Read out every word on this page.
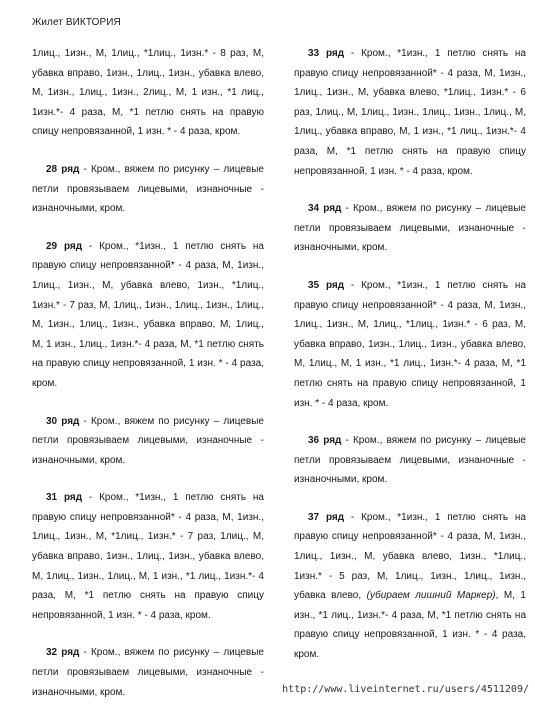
Жилет ВИКТОРИЯ

1лиц., 1изн., М, 1лиц., *1лиц., 1изн.* - 8 раз, М, убавка вправо, 1изн., 1лиц., 1изн., убавка влево, М, 1изн., 1лиц., 1изн., 2лиц., М, 1 изн., *1 лиц., 1изн.*- 4 раза, М, *1 петлю снять на правую спицу непровязанной, 1 изн. * - 4 раза, кром.

28 ряд - Кром., вяжем по рисунку – лицевые петли провязываем лицевыми, изнаночные - изнаночными, кром.

29 ряд - Кром., *1изн., 1 петлю снять на правую спицу непровязанной* - 4 раза, М, 1изн., 1лиц., 1изн., М, убавка влево, 1изн., *1лиц., 1изн.* - 7 раз, М, 1лиц., 1изн., 1лиц., 1изн., 1лиц., М, 1изн., 1лиц., 1изн., убавка вправо, М, 1лиц., М, 1 изн., 1лиц., 1изн.*- 4 раза, М, *1 петлю снять на правую спицу непровязанной, 1 изн. * - 4 раза, кром.

30 ряд - Кром., вяжем по рисунку – лицевые петли провязываем лицевыми, изнаночные - изнаночными, кром.

31 ряд - Кром., *1изн., 1 петлю снять на правую спицу непровязанной* - 4 раза, М, 1изн., 1лиц., 1изн., М, *1лиц., 1изн.* - 7 раз, 1лиц., М, убавка вправо, 1изн., 1лиц., 1изн., убавка влево, М, 1лиц., 1изн., 1лиц., М, 1 изн., *1 лиц., 1изн.*- 4 раза, М, *1 петлю снять на правую спицу непровязанной, 1 изн. * - 4 раза, кром.

32 ряд - Кром., вяжем по рисунку – лицевые петли провязываем лицевыми, изнаночные - изнаночными, кром.

33 ряд - Кром., *1изн., 1 петлю снять на правую спицу непровязанной* - 4 раза, М, 1изн., 1лиц., 1изн., М, убавка влево, *1лиц., 1изн.* - 6 раз, 1лиц., М, 1лиц., 1изн., 1лиц., 1изн., 1лиц., М, 1лиц., убавка вправо, М, 1 изн., *1 лиц., 1изн.*- 4 раза, М, *1 петлю снять на правую спицу непровязанной, 1 изн. * - 4 раза, кром.

34 ряд - Кром., вяжем по рисунку – лицевые петли провязываем лицевыми, изнаночные - изнаночными, кром.

35 ряд - Кром., *1изн., 1 петлю снять на правую спицу непровязанной* - 4 раза, М, 1изн., 1лиц., 1изн., М, 1лиц., *1лиц., 1изн.* - 6 раз, М, убавка вправо, 1изн., 1лиц., 1изн., убавка влево, М, 1лиц., М, 1 изн., *1 лиц., 1изн.*- 4 раза, М, *1 петлю снять на правую спицу непровязанной, 1 изн. * - 4 раза, кром.

36 ряд - Кром., вяжем по рисунку – лицевые петли провязываем лицевыми, изнаночные - изнаночными, кром.

37 ряд - Кром., *1изн., 1 петлю снять на правую спицу непровязанной* - 4 раза, М, 1изн., 1лиц., 1изн., М, убавка влево, 1изн., *1лиц., 1изн.* - 5 раз, М, 1лиц., 1изн., 1лиц., 1изн., убавка влево, (убираем лишний Маркер), М, 1 изн., *1 лиц., 1изн.*- 4 раза, М, *1 петлю снять на правую спицу непровязанной, 1 изн. * - 4 раза, кром.

http://www.liveinternet.ru/users/4511209/
